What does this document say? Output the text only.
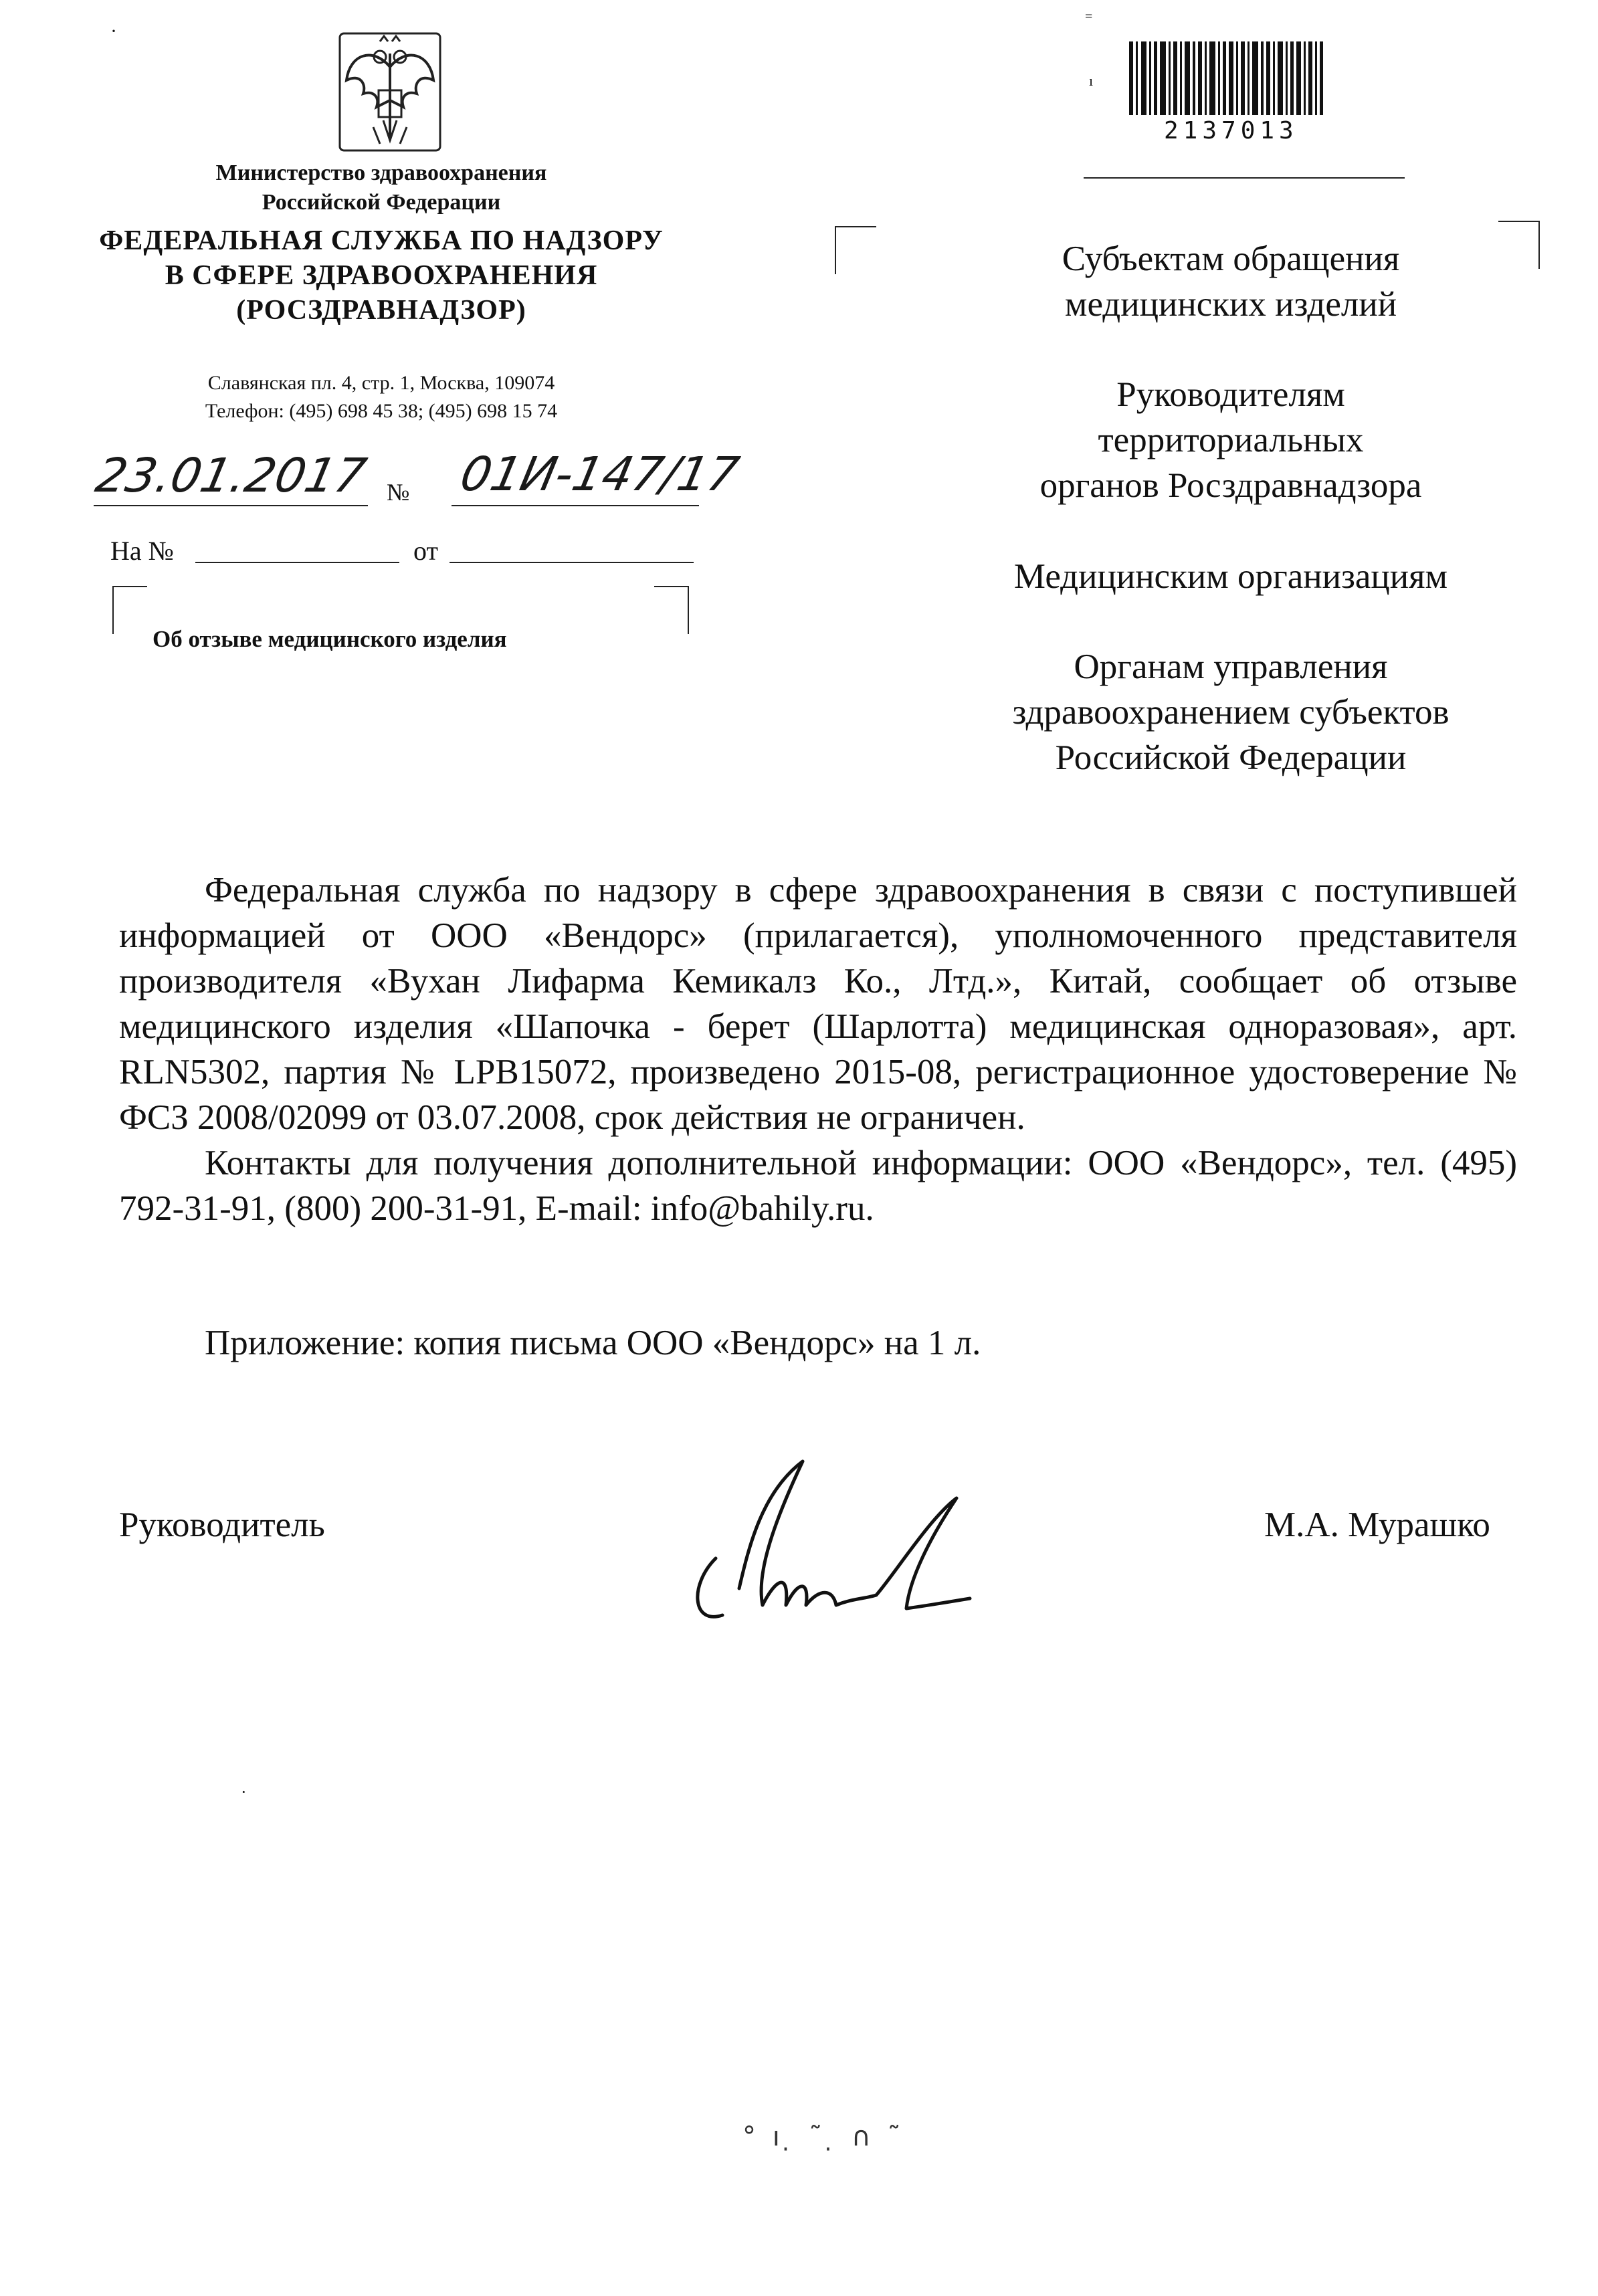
Министерство здравоохранения
Российской Федерации
ФЕДЕРАЛЬНАЯ СЛУЖБА ПО НАДЗОРУ
В СФЕРЕ ЗДРАВООХРАНЕНИЯ
(РОСЗДРАВНАДЗОР)
Славянская пл. 4, стр. 1, Москва, 109074
Телефон: (495) 698 45 38; (495) 698 15 74
23.01.2017 № 01И-147/17
На №	от
Об отзыве медицинского изделия
2137013
=
ı
Субъектам обращения
медицинских изделий
Руководителям
территориальных
органов Росздравнадзора
Медицинским организациям
Органам управления
здравоохранением субъектов
Российской Федерации

Федеральная служба по надзору в сфере здравоохранения в связи с поступившей информацией от ООО «Вендорс» (прилагается), уполномоченного представителя производителя «Вухан Лифарма Кемикалз Ко., Лтд.», Китай, сообщает об отзыве медицинского изделия «Шапочка - берет (Шарлотта) медицинская одноразовая», арт. RLN5302, партия № LPB15072, произведено 2015-08, регистрационное удостоверение № ФСЗ 2008/02099 от 03.07.2008, срок действия не ограничен.

Контакты для получения дополнительной информации: ООО «Вендорс», тел. (495) 792-31-91, (800) 200-31-91, E-mail: info@bahily.ru.

Приложение: копия письма ООО «Вендорс» на 1 л.
Руководитель	М.А. Мурашко
° ı ̣ ˜ ̣ ∩ ˜
·
·
